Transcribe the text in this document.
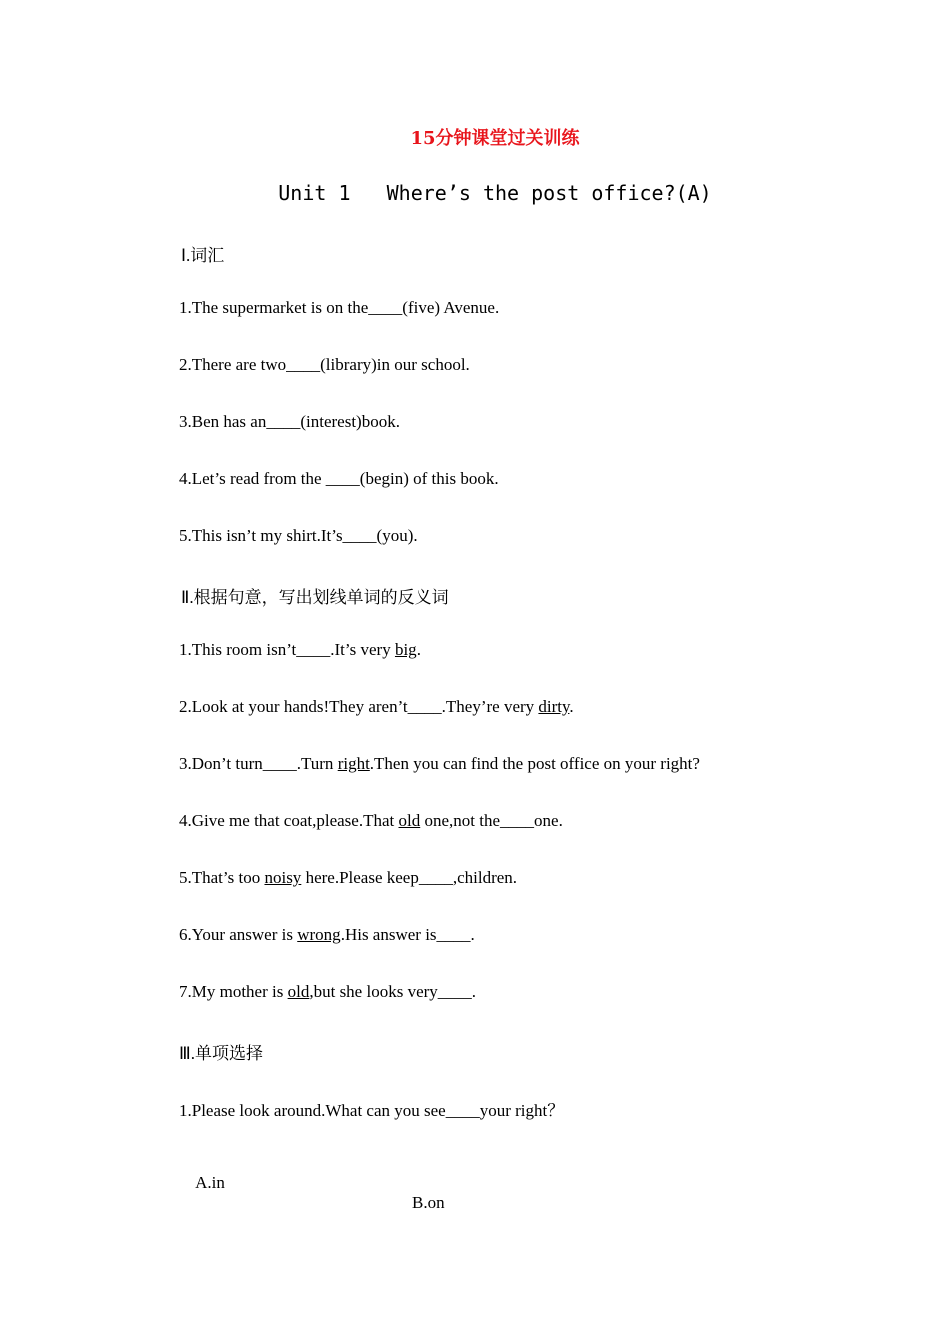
15分钟课堂过关训练
Unit 1   Where’s the post office?(A)
Ⅰ.词汇
1.The supermarket is on the____(five) Avenue.
2.There are two____(library)in our school.
3.Ben has an____(interest)book.
4.Let’s read from the ____(begin) of this book.
5.This isn’t my shirt.It’s____(you).
Ⅱ.根据句意，写出划线单词的反义词
1.This room isn’t____.It’s very big.
2.Look at your hands!They aren’t____.They’re very dirty.
3.Don’t turn____.Turn right.Then you can find the post office on your right?
4.Give me that coat,please.That old one,not the____one.
5.That’s too noisy here.Please keep____,children.
6.Your answer is wrong.His answer is____.
7.My mother is old,but she looks very____.
Ⅲ.单项选择
1.Please look around.What can you see____your right？

A.in

B.on
